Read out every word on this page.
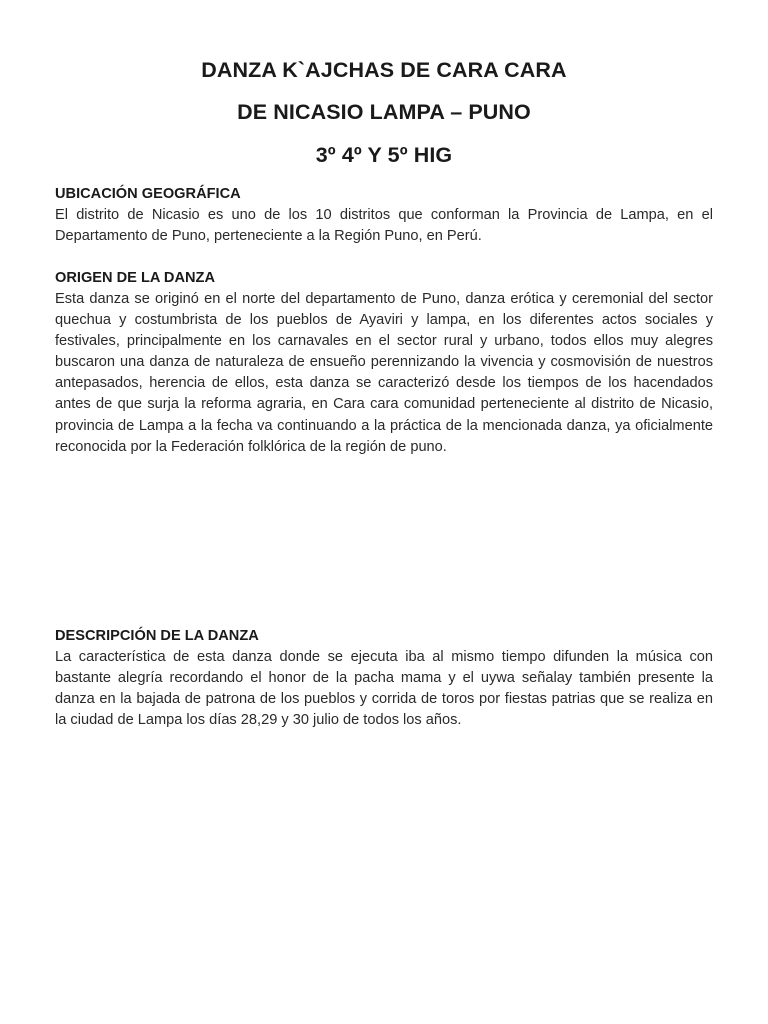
DANZA K`AJCHAS DE CARA CARA
DE NICASIO LAMPA – PUNO
3º 4º Y 5º HIG
UBICACIÓN GEOGRÁFICA

El distrito de Nicasio es uno de los 10 distritos que conforman la Provincia de Lampa, en el Departamento de Puno, perteneciente a la Región Puno, en Perú.

ORIGEN DE LA DANZA

Esta danza se originó en el norte del departamento de Puno, danza erótica y ceremonial del sector quechua y costumbrista de los pueblos de Ayaviri y lampa, en los diferentes actos sociales y festivales, principalmente en los carnavales en el sector rural y urbano, todos ellos muy alegres buscaron una danza de naturaleza de ensueño perennizando la vivencia y cosmovisión de nuestros antepasados, herencia de ellos, esta danza se caracterizó desde los tiempos de los hacendados antes de que surja la reforma agraria, en Cara cara comunidad perteneciente al distrito de Nicasio, provincia de Lampa a la fecha va continuando a la práctica de la mencionada danza, ya oficialmente reconocida por la Federación folklórica de la región de puno.

DESCRIPCIÓN DE LA DANZA

La característica de esta danza donde se ejecuta iba al mismo tiempo difunden la música con bastante alegría recordando el honor de la pacha mama y el uywa señalay también presente la danza en la bajada de patrona de los pueblos y corrida de toros por fiestas patrias que se realiza en la ciudad de Lampa los días 28,29 y 30 julio de todos los años.
